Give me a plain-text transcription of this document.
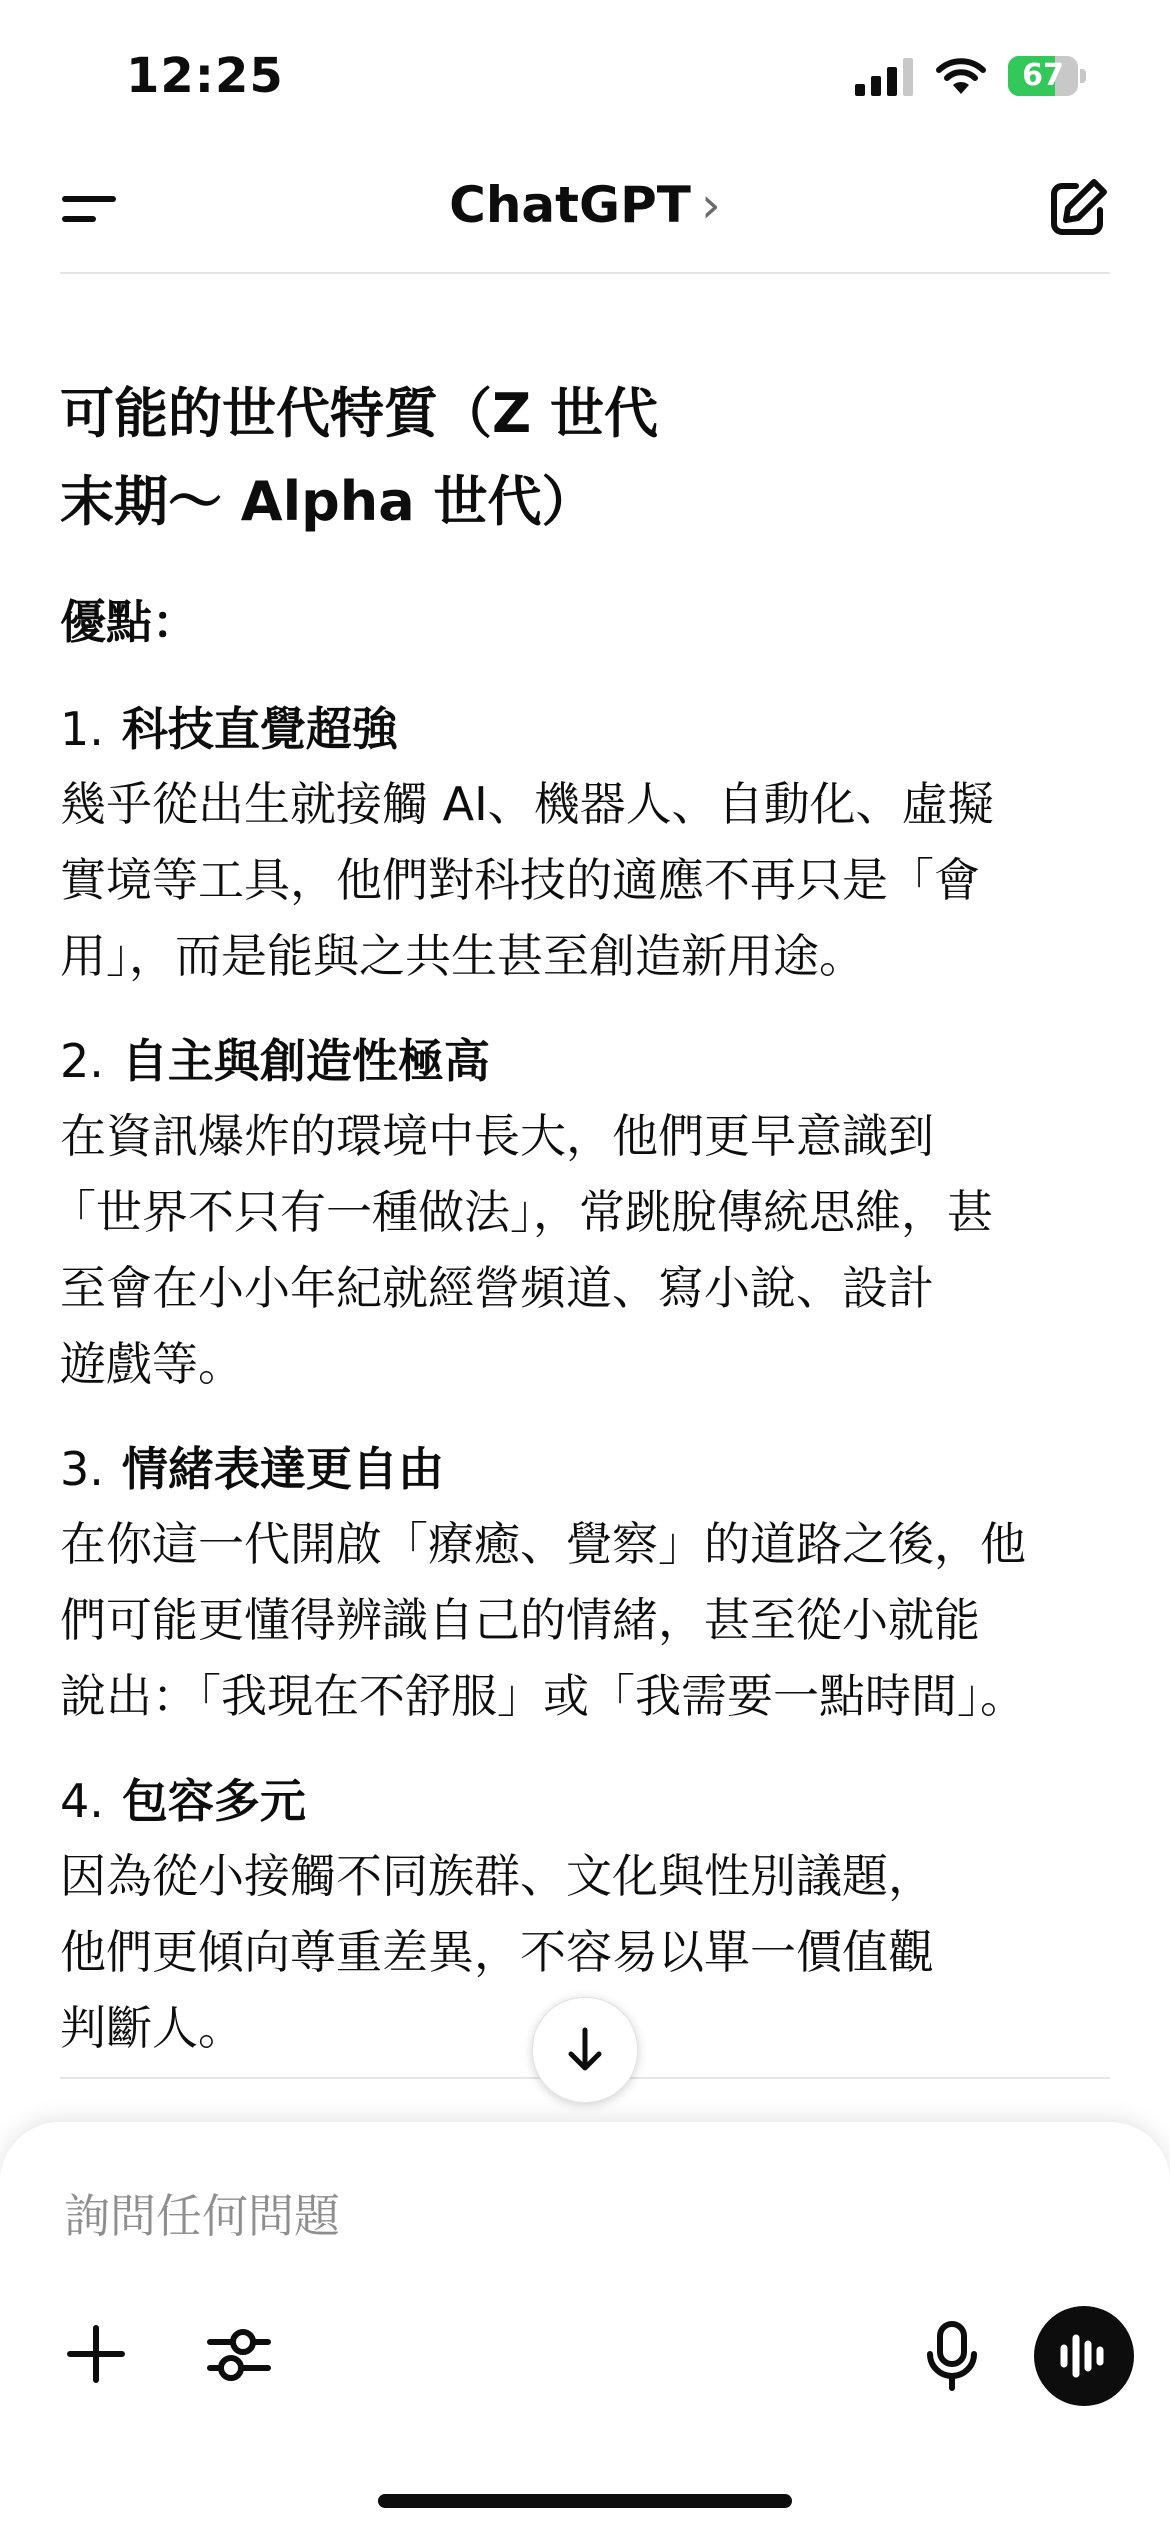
12:25	67
ChatGPT ›
可能的世代特質（Z 世代
末期～ Alpha 世代）
優點：
1. 科技直覺超強
幾乎從出生就接觸 AI、機器人、自動化、虛擬
實境等工具，他們對科技的適應不再只是「會
用」，而是能與之共生甚至創造新用途。
2. 自主與創造性極高
在資訊爆炸的環境中長大，他們更早意識到
「世界不只有一種做法」，常跳脫傳統思維，甚
至會在小小年紀就經營頻道、寫小說、設計
遊戲等。
3. 情緒表達更自由
在你這一代開啟「療癒、覺察」的道路之後，他
們可能更懂得辨識自己的情緒，甚至從小就能
說出：「我現在不舒服」或「我需要一點時間」。
4. 包容多元
因為從小接觸不同族群、文化與性別議題，
他們更傾向尊重差異，不容易以單一價值觀
判斷人。
詢問任何問題
